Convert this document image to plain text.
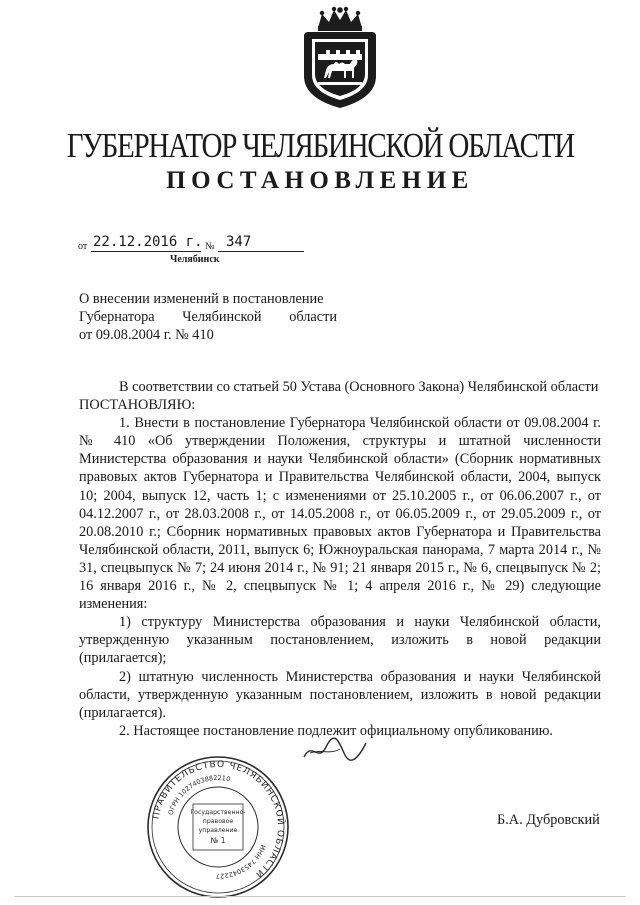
ГУБЕРНАТОР ЧЕЛЯБИНСКОЙ ОБЛАСТИ
ПОСТАНОВЛЕНИЕ
от 22.12.2016 г. № 347
Челябинск
О внесении изменений в постановление
Губернатора Челябинской области
от 09.08.2004 г. № 410

В соответствии со статьей 50 Устава (Основного Закона) Челябинской области

ПОСТАНОВЛЯЮ:

1. Внести в постановление Губернатора Челябинской области от 09.08.2004 г. № 410 «Об утверждении Положения, структуры и штатной численности Министерства образования и науки Челябинской области» (Сборник нормативных правовых актов Губернатора и Правительства Челябинской области, 2004, выпуск 10; 2004, выпуск 12, часть 1; с изменениями от 25.10.2005 г., от 06.06.2007 г., от 04.12.2007 г., от 28.03.2008 г., от 14.05.2008 г., от 06.05.2009 г., от 29.05.2009 г., от 20.08.2010 г.; Сборник нормативных правовых актов Губернатора и Правительства Челябинской области, 2011, выпуск 6; Южноуральская панорама, 7 марта 2014 г., № 31, спецвыпуск № 7; 24 июня 2014 г., № 91; 21 января 2015 г., № 6, спецвыпуск № 2; 16 января 2016 г., № 2, спецвыпуск № 1; 4 апреля 2016 г., № 29) следующие изменения:

1) структуру Министерства образования и науки Челябинской области, утвержденную указанным постановлением, изложить в новой редакции (прилагается);

2) штатную численность Министерства образования и науки Челябинской области, утвержденную указанным постановлением, изложить в новой редакции (прилагается).

2. Настоящее постановление подлежит официальному опубликованию.

ПРАВИТЕЛЬСТВО ЧЕЛЯБИНСКОЙ ОБЛАСТИ
ОГРН 1027403882210
ИНН 7453042227
Государственно-
правовое
управление
№ 1
Б.А. Дубровский
